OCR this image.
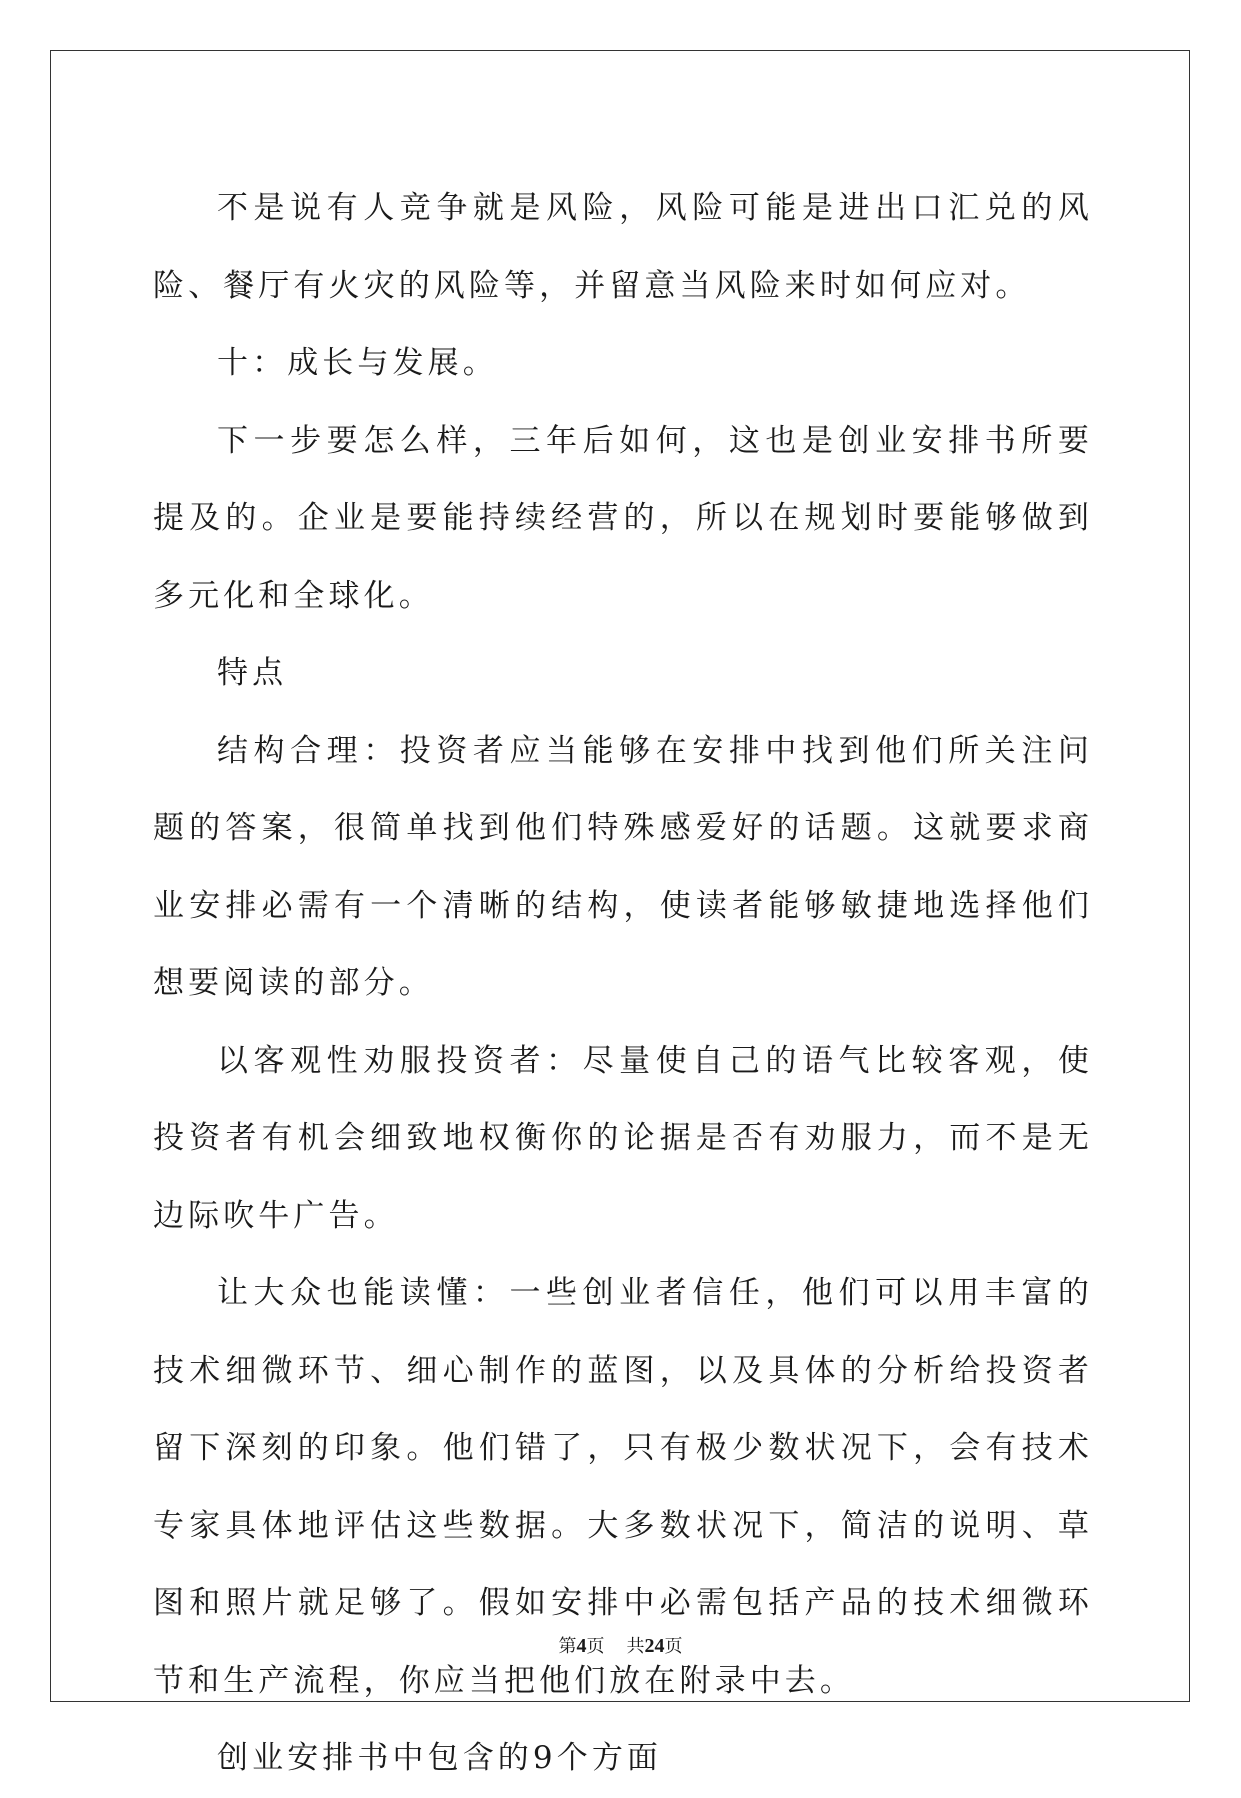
不是说有人竞争就是风险，风险可能是进出口汇兑的风险、餐厅有火灾的风险等，并留意当风险来时如何应对。

十：成长与发展。

下一步要怎么样，三年后如何，这也是创业安排书所要提及的。企业是要能持续经营的，所以在规划时要能够做到多元化和全球化。

特点

结构合理：投资者应当能够在安排中找到他们所关注问题的答案，很简单找到他们特殊感爱好的话题。这就要求商业安排必需有一个清晰的结构，使读者能够敏捷地选择他们想要阅读的部分。

以客观性劝服投资者：尽量使自己的语气比较客观，使投资者有机会细致地权衡你的论据是否有劝服力，而不是无边际吹牛广告。

让大众也能读懂：一些创业者信任，他们可以用丰富的技术细微环节、细心制作的蓝图，以及具体的分析给投资者留下深刻的印象。他们错了，只有极少数状况下，会有技术专家具体地评估这些数据。大多数状况下，简洁的说明、草图和照片就足够了。假如安排中必需包括产品的技术细微环节和生产流程，你应当把他们放在附录中去。

创业安排书中包含的9个方面

第4页 共24页
